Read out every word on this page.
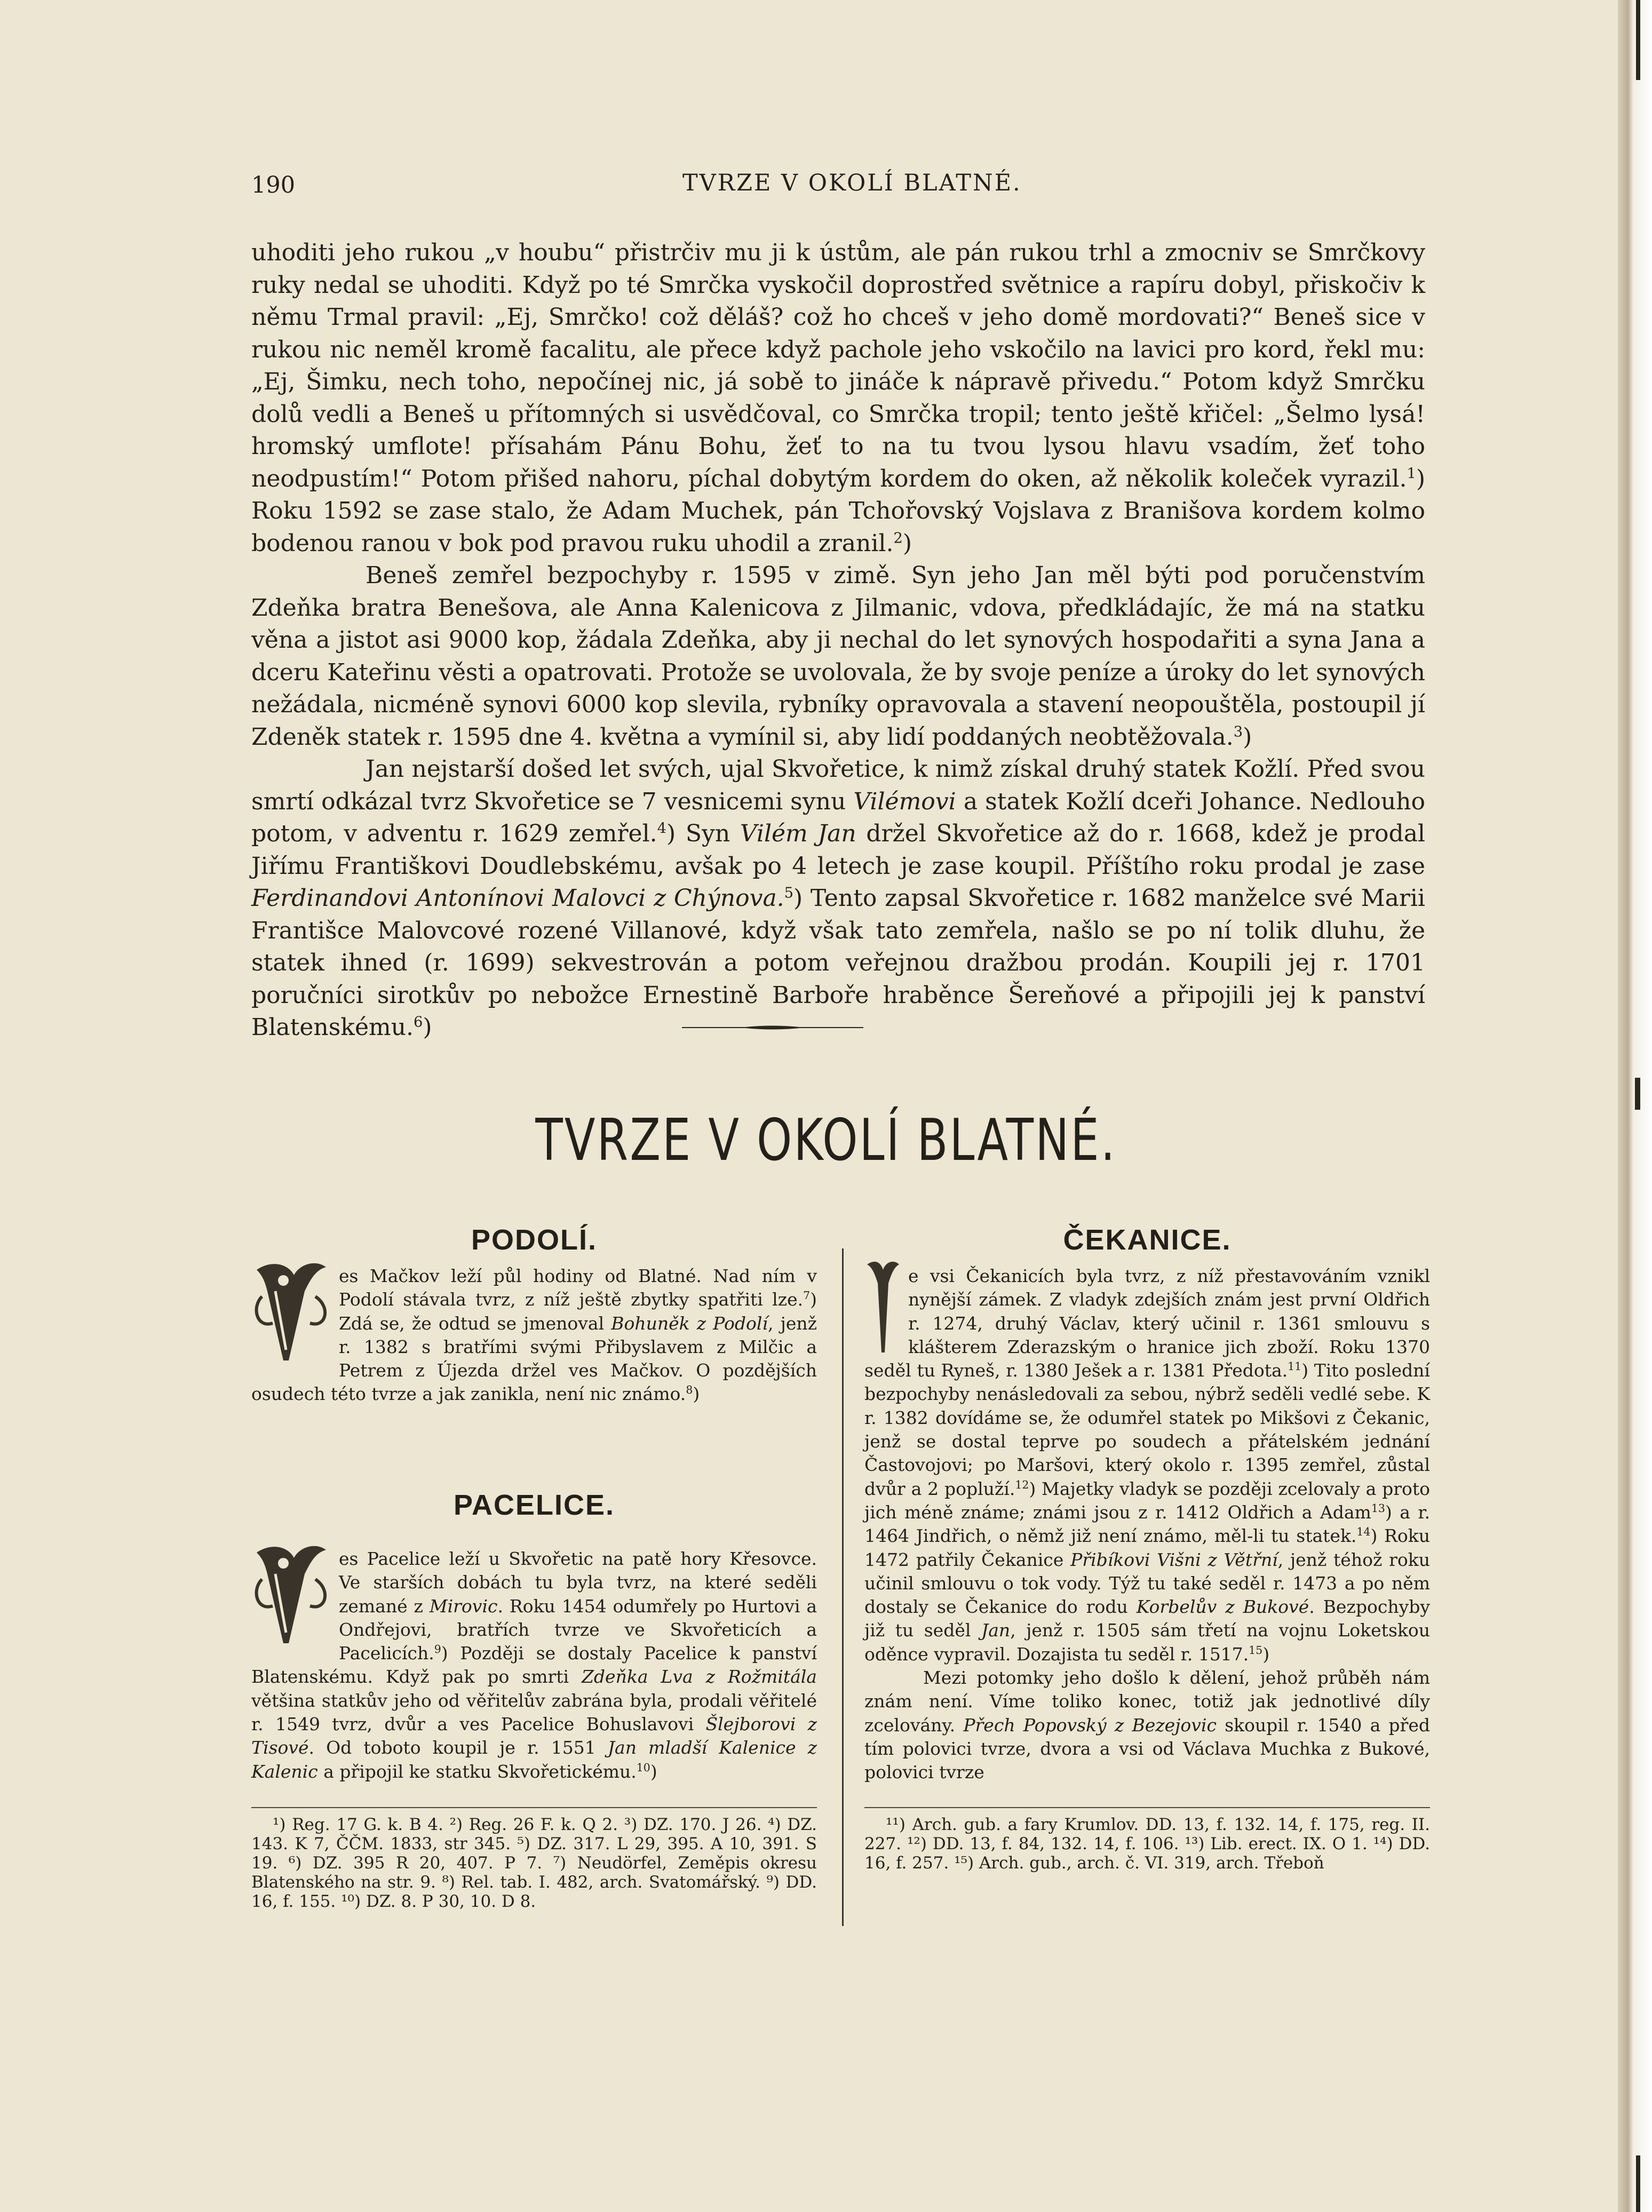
190	TVRZE V OKOLÍ BLATNÉ.

uhoditi jeho rukou „v houbu“ přistrčiv mu ji k ústům, ale pán rukou trhl a zmocniv se Smrčkovy ruky nedal se uhoditi. Když po té Smrčka vyskočil doprostřed světnice a rapíru dobyl, přiskočiv k němu Trmal pravil: „Ej, Smrčko! což děláš? což ho chceš v jeho domě mordovati?“ Beneš sice v rukou nic neměl kromě facalitu, ale přece když pachole jeho vskočilo na lavici pro kord, řekl mu: „Ej, Šimku, nech toho, nepočínej nic, já sobě to jináče k nápravě přivedu.“ Potom když Smrčku dolů vedli a Beneš u přítomných si usvědčoval, co Smrčka tropil; tento ještě křičel: „Šelmo lysá! hromský umflote! přísahám Pánu Bohu, žeť to na tu tvou lysou hlavu vsadím, žeť toho neodpustím!“ Potom přišed nahoru, píchal dobytým kordem do oken, až několik koleček vyrazil.$^1$) Roku 1592 se zase stalo, že Adam Muchek, pán Tchořovský Vojslava z Branišova kordem kolmo bodenou ranou v bok pod pravou ruku uhodil a zranil.$^2$)

Beneš zemřel bezpochyby r. 1595 v zimě. Syn jeho Jan měl býti pod poručenstvím Zdeňka bratra Benešova, ale Anna Kalenicova z Jilmanic, vdova, předkládajíc, že má na statku věna a jistot asi 9000 kop, žádala Zdeňka, aby ji nechal do let synových hospodařiti a syna Jana a dceru Kateřinu věsti a opatrovati. Protože se uvolovala, že by svoje peníze a úroky do let synových nežádala, nicméně synovi 6000 kop slevila, rybníky opravovala a stavení neopouštěla, postoupil jí Zdeněk statek r. 1595 dne 4. května a vymínil si, aby lidí poddaných neobtěžovala.$^3$)

Jan nejstarší došed let svých, ujal Skvořetice, k nimž získal druhý statek Kožlí. Před svou smrtí odkázal tvrz Skvořetice se 7 vesnicemi synu Vilémovi a statek Kožlí dceři Johance. Nedlouho potom, v adventu r. 1629 zemřel.$^4$) Syn Vilém Jan držel Skvořetice až do r. 1668, kdež je prodal Jiřímu Františkovi Doudlebskému, avšak po 4 letech je zase koupil. Příštího roku prodal je zase Ferdinandovi Antonínovi Malovci z Chýnova.$^5$) Tento zapsal Skvořetice r. 1682 manželce své Marii Františce Malovcové rozené Villanové, když však tato zemřela, našlo se po ní tolik dluhu, že statek ihned (r. 1699) sekvestrován a potom veřejnou dražbou prodán. Koupili jej r. 1701 poručníci sirotkův po nebožce Ernestině Barboře hraběnce Šereňové a připojili jej k panství Blatenskému.$^6$)

TVRZE V OKOLÍ BLATNÉ.
PODOLÍ.

es Mačkov leží půl hodiny od Blatné. Nad ním v Podolí stávala tvrz, z níž ještě zbytky spatřiti lze.$^7$) Zdá se, že odtud se jmenoval Bohuněk z Podolí, jenž r. 1382 s bratřími svými Přibyslavem z Milčic a Petrem z Újezda držel ves Mačkov. O pozdějších osudech této tvrze a jak zanikla, není nic známo.$^8$)

PACELICE.

es Pacelice leží u Skvořetic na patě hory Křesovce. Ve starších dobách tu byla tvrz, na které seděli zemané z Mirovic. Roku 1454 odumřely po Hurtovi a Ondřejovi, bratřích tvrze ve Skvořeticích a Pacelicích.$^9$) Později se dostaly Pacelice k panství Blatenskému. Když pak po smrti Zdeňka Lva z Rožmitála většina statkův jeho od věřitelův zabrána byla, prodali věřitelé r. 1549 tvrz, dvůr a ves Pacelice Bohuslavovi Šlejborovi z Tisové. Od toboto koupil je r. 1551 Jan mladší Kalenice z Kalenic a připojil ke statku Skvořetickému.$^{10}$)

¹) Reg. 17 G. k. B 4. ²) Reg. 26 F. k. Q 2. ³) DZ. 170. J 26. ⁴) DZ. 143. K 7, ČČM. 1833, str 345. ⁵) DZ. 317. L 29, 395. A 10, 391. S 19. ⁶) DZ. 395 R 20, 407. P 7. ⁷) Neudörfel, Zeměpis okresu Blatenského na str. 9. ⁸) Rel. tab. I. 482, arch. Svatomářský. ⁹) DD. 16, f. 155. ¹⁰) DZ. 8. P 30, 10. D 8.

ČEKANICE.

e vsi Čekanicích byla tvrz, z níž přestavováním vznikl nynější zámek. Z vladyk zdejších znám jest první Oldřich r. 1274, druhý Václav, který učinil r. 1361 smlouvu s klášterem Zderazským o hranice jich zboží. Roku 1370 seděl tu Ryneš, r. 1380 Ješek a r. 1381 Předota.$^{11}$) Tito poslední bezpochyby nenásledovali za sebou, nýbrž seděli vedlé sebe. K r. 1382 dovídáme se, že odumřel statek po Mikšovi z Čekanic, jenž se dostal teprve po soudech a přátelském jednání Častovojovi; po Maršovi, který okolo r. 1395 zemřel, zůstal dvůr a 2 popluží.$^{12}$) Majetky vladyk se později zcelovaly a proto jich méně známe; známi jsou z r. 1412 Oldřich a Adam$^{13}$) a r. 1464 Jindřich, o němž již není známo, měl-li tu statek.$^{14}$) Roku 1472 patřily Čekanice Přibíkovi Višni z Větřní, jenž téhož roku učinil smlouvu o tok vody. Týž tu také seděl r. 1473 a po něm dostaly se Čekanice do rodu Korbelův z Bukové. Bezpochyby již tu seděl Jan, jenž r. 1505 sám třetí na vojnu Loketskou oděnce vypravil. Dozajista tu seděl r. 1517.15)

Mezi potomky jeho došlo k dělení, jehož průběh nám znám není. Víme toliko konec, totiž jak jednotlivé díly zcelovány. Přech Popovský z Bezejovic skoupil r. 1540 a před tím polovici tvrze, dvora a vsi od Václava Muchka z Bukové, polovici tvrze

¹¹) Arch. gub. a fary Krumlov. DD. 13, f. 132. 14, f. 175, reg. II. 227. ¹²) DD. 13, f. 84, 132. 14, f. 106. ¹³) Lib. erect. IX. O 1. ¹⁴) DD. 16, f. 257. ¹⁵) Arch. gub., arch. č. VI. 319, arch. Třeboň
